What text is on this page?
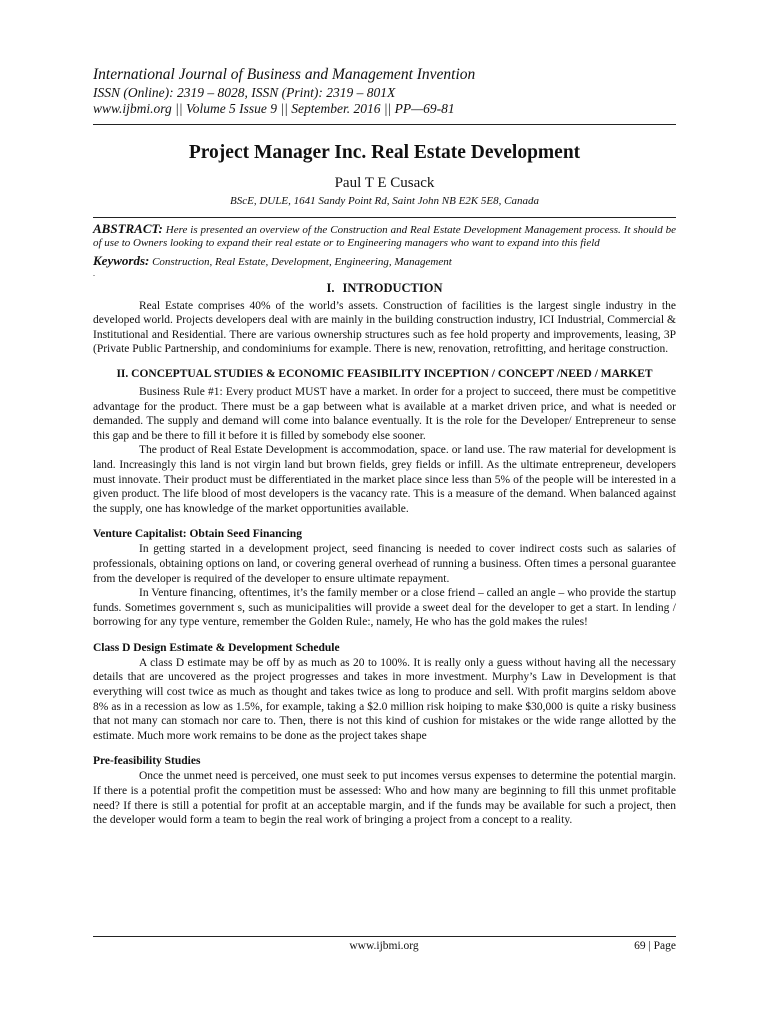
International Journal of Business and Management Invention
ISSN (Online): 2319 – 8028, ISSN (Print): 2319 – 801X
www.ijbmi.org || Volume 5 Issue 9 || September. 2016 || PP—69-81
Project Manager Inc. Real Estate Development
Paul T E Cusack
BScE, DULE, 1641 Sandy Point Rd, Saint John NB E2K 5E8, Canada
ABSTRACT: Here is presented an overview of the Construction and Real Estate Development Management process. It should be of use to Owners looking to expand their real estate or to Engineering managers who want to expand into this field
Keywords: Construction, Real Estate, Development, Engineering, Management
.
I. INTRODUCTION

Real Estate comprises 40% of the world’s assets. Construction of facilities is the largest single industry in the developed world. Projects developers deal with are mainly in the building construction industry, ICI Industrial, Commercial & Institutional and Residential. There are various ownership structures such as fee hold property and improvements, leasing, 3P (Private Public Partnership, and condominiums for example. There is new, renovation, retrofitting, and heritage construction.

II. CONCEPTUAL STUDIES & ECONOMIC FEASIBILITY INCEPTION / CONCEPT /NEED / MARKET

Business Rule #1: Every product MUST have a market. In order for a project to succeed, there must be competitive advantage for the product. There must be a gap between what is available at a market driven price, and what is needed or demanded. The supply and demand will come into balance eventually. It is the role for the Developer/ Entrepreneur to sense this gap and be there to fill it before it is filled by somebody else sooner.

The product of Real Estate Development is accommodation, space. or land use. The raw material for development is land. Increasingly this land is not virgin land but brown fields, grey fields or infill. As the ultimate entrepreneur, developers must innovate. Their product must be differentiated in the market place since less than 5% of the people will be interested in a given product. The life blood of most developers is the vacancy rate. This is a measure of the demand. When balanced against the supply, one has knowledge of the market opportunities available.

Venture Capitalist: Obtain Seed Financing

In getting started in a development project, seed financing is needed to cover indirect costs such as salaries of professionals, obtaining options on land, or covering general overhead of running a business. Often times a personal guarantee from the developer is required of the developer to ensure ultimate repayment.

In Venture financing, oftentimes, it’s the family member or a close friend – called an angle – who provide the startup funds. Sometimes government s, such as municipalities will provide a sweet deal for the developer to get a start. In lending / borrowing for any type venture, remember the Golden Rule:, namely, He who has the gold makes the rules!

Class D Design Estimate & Development Schedule

A class D estimate may be off by as much as 20 to 100%. It is really only a guess without having all the necessary details that are uncovered as the project progresses and takes in more investment. Murphy’s Law in Development is that everything will cost twice as much as thought and takes twice as long to produce and sell. With profit margins seldom above 8% as in a recession as low as 1.5%, for example, taking a $2.0 million risk hoiping to make $30,000 is quite a risky business that not many can stomach nor care to. Then, there is not this kind of cushion for mistakes or the wide range allotted by the estimate. Much more work remains to be done as the project takes shape

Pre-feasibility Studies

Once the unmet need is perceived, one must seek to put incomes versus expenses to determine the potential margin. If there is a potential profit the competition must be assessed: Who and how many are beginning to fill this unmet profitable need? If there is still a potential for profit at an acceptable margin, and if the funds may be available for such a project, then the developer would form a team to begin the real work of bringing a project from a concept to a reality.

www.ijbmi.org	69 | Page
